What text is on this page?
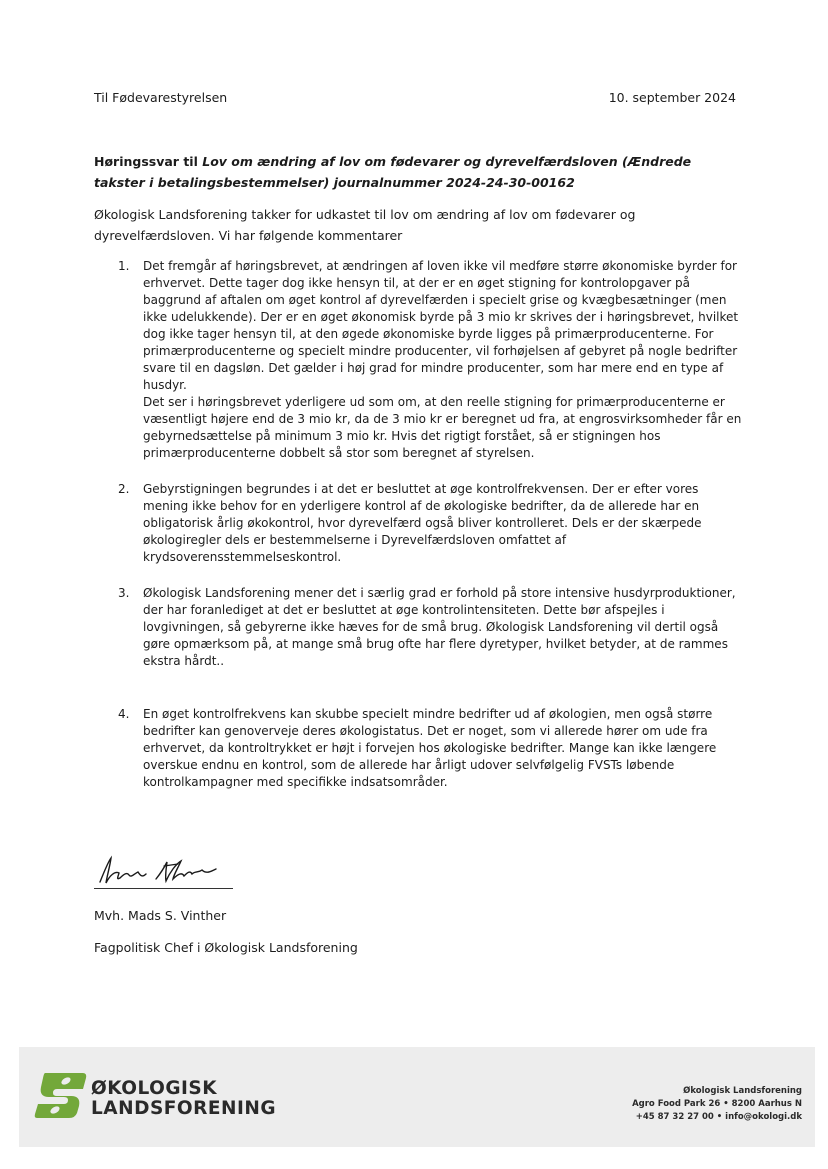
Til Fødevarestyrelsen	10. september 2024
Høringssvar til Lov om ændring af lov om fødevarer og dyrevelfærdsloven (Ændrede takster i betalingsbestemmelser) journalnummer 2024-24-30-00162
Økologisk Landsforening takker for udkastet til lov om ændring af lov om fødevarer og dyrevelfærdsloven. Vi har følgende kommentarer
1. Det fremgår af høringsbrevet, at ændringen af loven ikke vil medføre større økonomiske byrder for erhvervet. Dette tager dog ikke hensyn til, at der er en øget stigning for kontrolopgaver på baggrund af aftalen om øget kontrol af dyrevelfærden i specielt grise og kvægbesætninger (men ikke udelukkende). Der er en øget økonomisk byrde på 3 mio kr skrives der i høringsbrevet, hvilket dog ikke tager hensyn til, at den øgede økonomiske byrde ligges på primærproducenterne. For primærproducenterne og specielt mindre producenter, vil forhøjelsen af gebyret på nogle bedrifter svare til en dagsløn. Det gælder i høj grad for mindre producenter, som har mere end en type af husdyr.

Det ser i høringsbrevet yderligere ud som om, at den reelle stigning for primærproducenterne er væsentligt højere end de 3 mio kr, da de 3 mio kr er beregnet ud fra, at engrosvirksomheder får en gebyrnedsættelse på minimum 3 mio kr. Hvis det rigtigt forstået, så er stigningen hos primærproducenterne dobbelt så stor som beregnet af styrelsen.

2. Gebyrstigningen begrundes i at det er besluttet at øge kontrolfrekvensen. Der er efter vores mening ikke behov for en yderligere kontrol af de økologiske bedrifter, da de allerede har en obligatorisk årlig økokontrol, hvor dyrevelfærd også bliver kontrolleret. Dels er der skærpede økologiregler dels er bestemmelserne i Dyrevelfærdsloven omfattet af krydsoverensstemmelseskontrol.

3. Økologisk Landsforening mener det i særlig grad er forhold på store intensive husdyrproduktioner, der har foranlediget at det er besluttet at øge kontrolintensiteten. Dette bør afspejles i lovgivningen, så gebyrerne ikke hæves for de små brug. Økologisk Landsforening vil dertil også gøre opmærksom på, at mange små brug ofte har flere dyretyper, hvilket betyder, at de rammes ekstra hårdt..

4. En øget kontrolfrekvens kan skubbe specielt mindre bedrifter ud af økologien, men også større bedrifter kan genoverveje deres økologistatus. Det er noget, som vi allerede hører om ude fra erhvervet, da kontroltrykket er højt i forvejen hos økologiske bedrifter. Mange kan ikke længere overskue endnu en kontrol, som de allerede har årligt udover selvfølgelig FVSTs løbende kontrolkampagner med specifikke indsatsområder.

Mvh. Mads S. Vinther
Fagpolitisk Chef i Økologisk Landsforening
ØKOLOGISK
LANDSFORENING
Økologisk Landsforening
Agro Food Park 26 • 8200 Aarhus N
+45 87 32 27 00 • info@okologi.dk
